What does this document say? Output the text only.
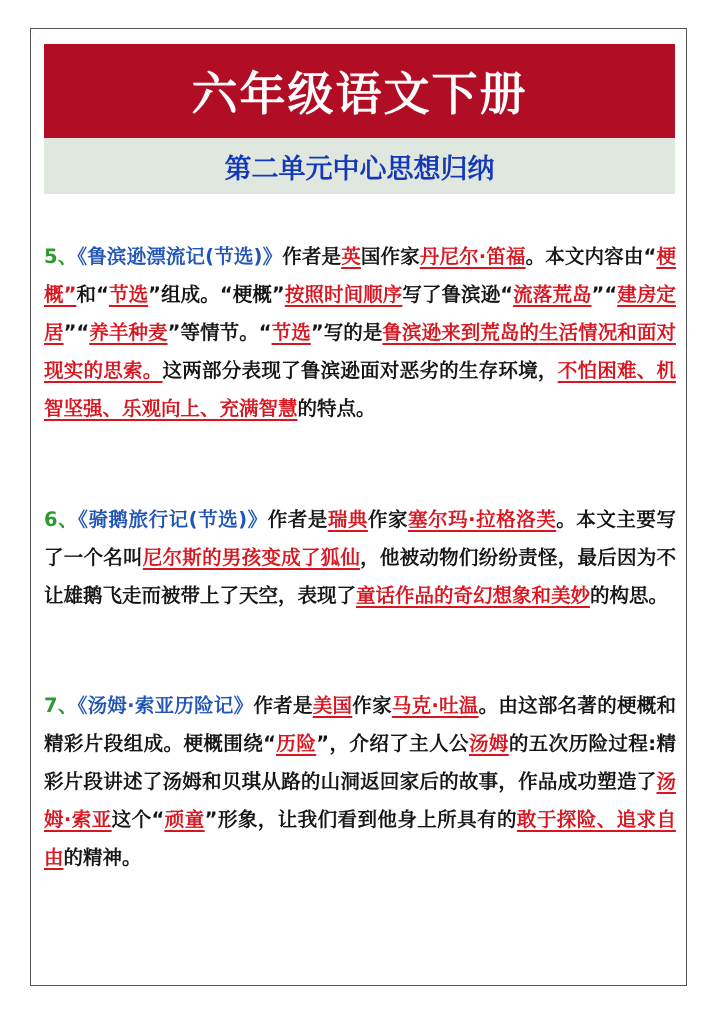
六年级语文下册
第二单元中心思想归纳
5、《鲁滨逊漂流记(节选)》作者是英国作家丹尼尔·笛福。本文内容由“梗概”和“节选”组成。“梗概”按照时间顺序写了鲁滨逊“流落荒岛”“建房定居”“养羊种麦”等情节。“节选”写的是鲁滨逊来到荒岛的生活情况和面对现实的思索。这两部分表现了鲁滨逊面对恶劣的生存环境，不怕困难、机智坚强、乐观向上、充满智慧的特点。
6、《骑鹅旅行记(节选)》作者是瑞典作家塞尔玛·拉格洛芙。本文主要写了一个名叫尼尔斯的男孩变成了狐仙，他被动物们纷纷责怪，最后因为不让雄鹅飞走而被带上了天空，表现了童话作品的奇幻想象和美妙的构思。
7、《汤姆·索亚历险记》作者是美国作家马克·吐温。由这部名著的梗概和精彩片段组成。梗概围绕“历险”，介绍了主人公汤姆的五次历险过程:精彩片段讲述了汤姆和贝琪从路的山洞返回家后的故事，作品成功塑造了汤姆·索亚这个“顽童”形象，让我们看到他身上所具有的敢于探险、追求自由的精神。
